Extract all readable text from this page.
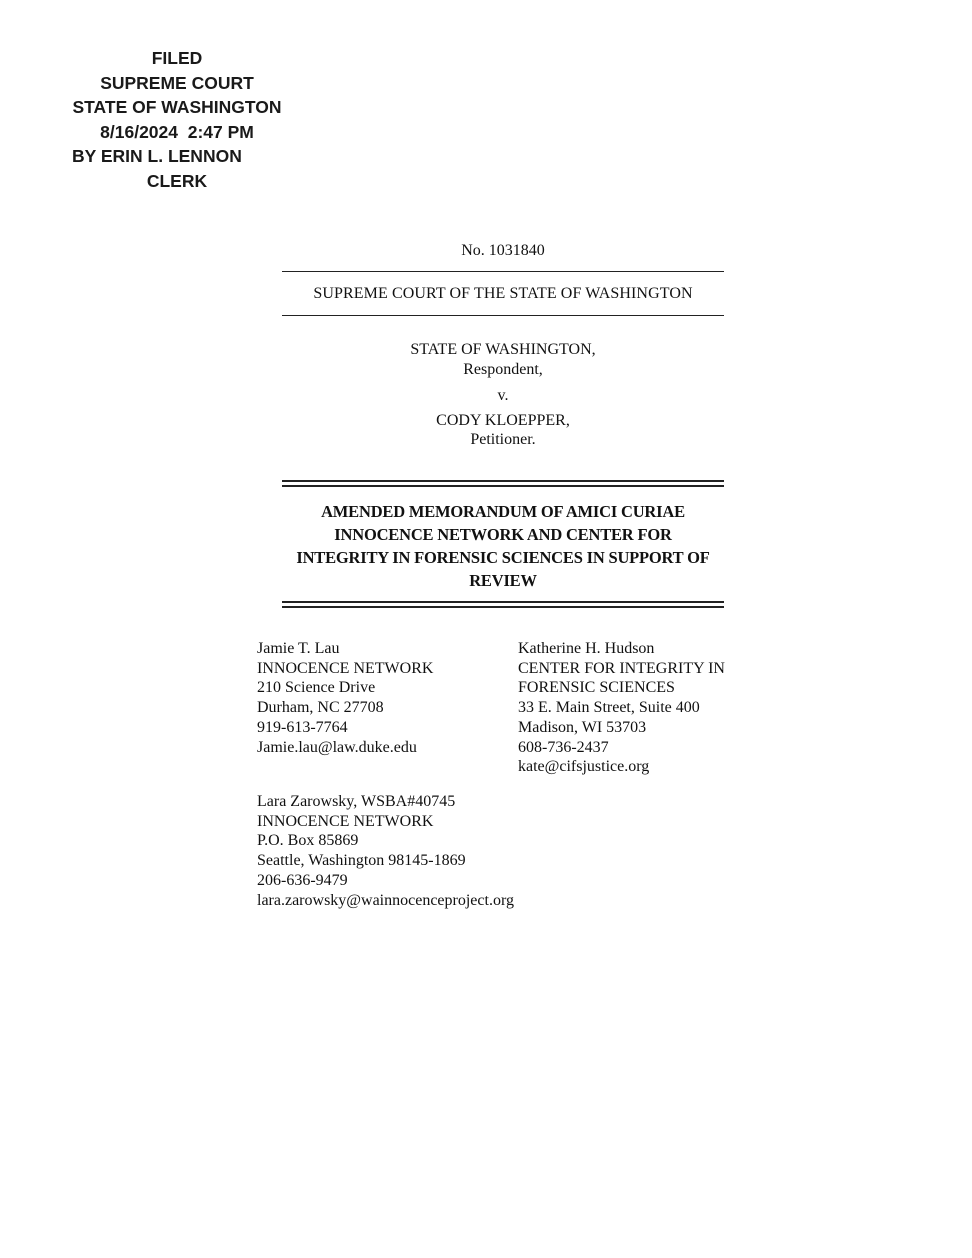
FILED
SUPREME COURT
STATE OF WASHINGTON
8/16/2024  2:47 PM
BY ERIN L. LENNON
CLERK
No. 1031840
SUPREME COURT OF THE STATE OF WASHINGTON
STATE OF WASHINGTON,
Respondent,
v.
CODY KLOEPPER,
Petitioner.
AMENDED MEMORANDUM OF AMICI CURIAE
INNOCENCE NETWORK AND CENTER FOR
INTEGRITY IN FORENSIC SCIENCES IN SUPPORT OF
REVIEW
Jamie T. Lau
INNOCENCE NETWORK
210 Science Drive
Durham, NC 27708
919-613-7764
Jamie.lau@law.duke.edu
Katherine H. Hudson
CENTER FOR INTEGRITY IN
FORENSIC SCIENCES
33 E. Main Street, Suite 400
Madison, WI 53703
608-736-2437
kate@cifsjustice.org
Lara Zarowsky, WSBA#40745
INNOCENCE NETWORK
P.O. Box 85869
Seattle, Washington 98145-1869
206-636-9479
lara.zarowsky@wainnocenceproject.org
